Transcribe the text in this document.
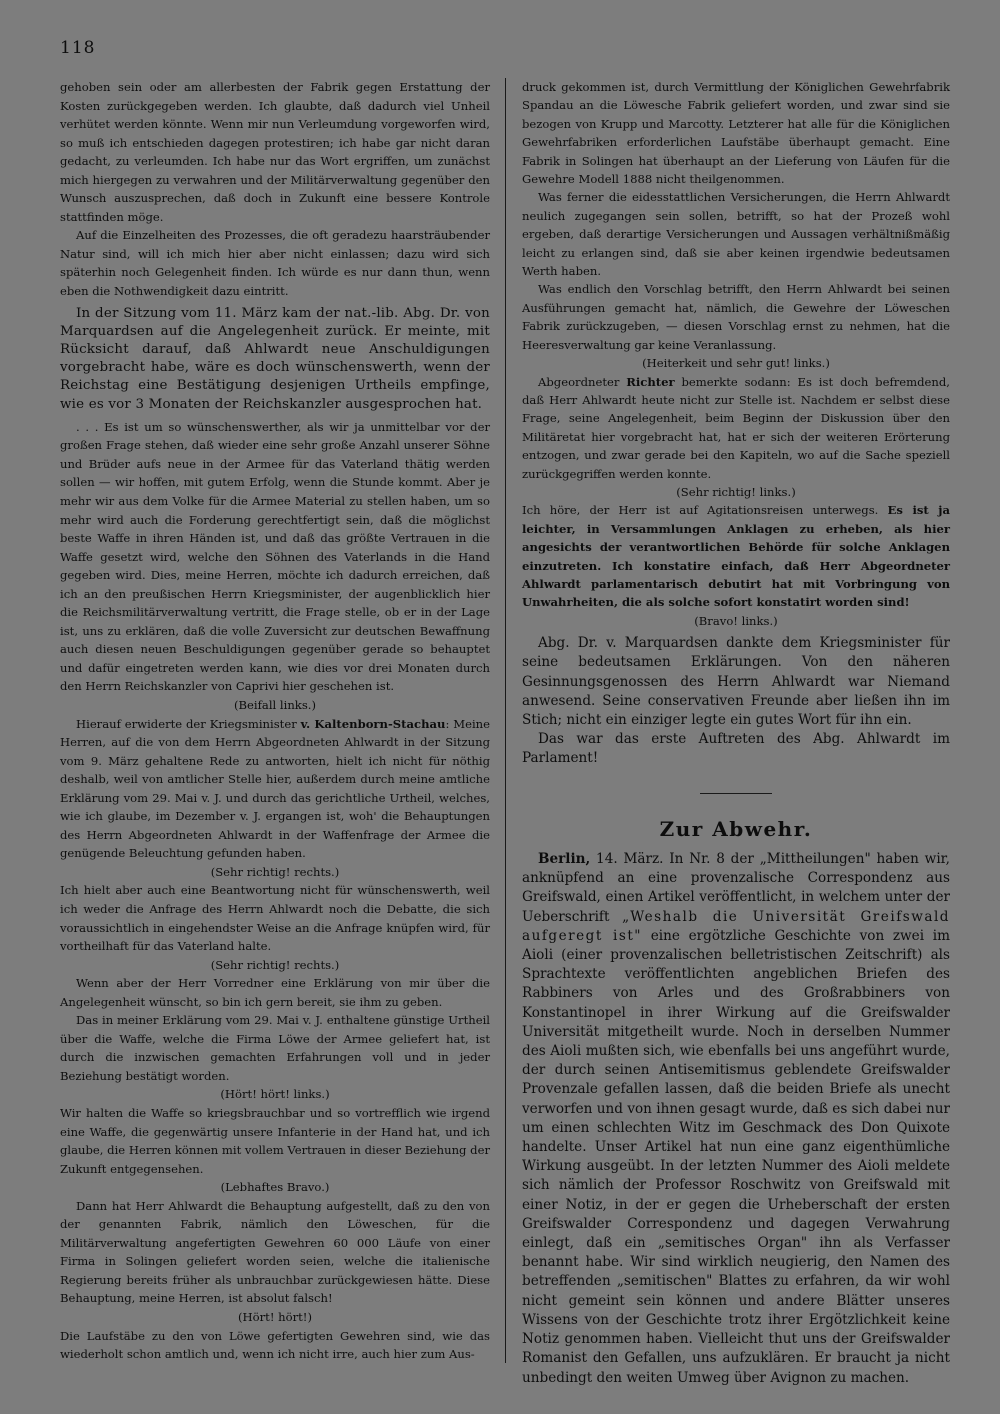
118

gehoben sein oder am allerbesten der Fabrik gegen Erstattung der Kosten zurückgegeben werden. Ich glaubte, daß dadurch viel Unheil verhütet werden könnte. Wenn mir nun Verleumdung vorgeworfen wird, so muß ich entschieden dagegen protestiren; ich habe gar nicht daran gedacht, zu verleumden. Ich habe nur das Wort ergriffen, um zunächst mich hiergegen zu verwahren und der Militärverwaltung gegenüber den Wunsch auszusprechen, daß doch in Zukunft eine bessere Kontrole stattfinden möge.

Auf die Einzelheiten des Prozesses, die oft geradezu haarsträubender Natur sind, will ich mich hier aber nicht einlassen; dazu wird sich späterhin noch Gelegenheit finden. Ich würde es nur dann thun, wenn eben die Nothwendigkeit dazu eintritt.

In der Sitzung vom 11. März kam der nat.-lib. Abg. Dr. von Marquardsen auf die Angelegenheit zurück. Er meinte, mit Rücksicht darauf, daß Ahlwardt neue Anschuldigungen vorgebracht habe, wäre es doch wünschenswerth, wenn der Reichstag eine Bestätigung desjenigen Urtheils empfinge, wie es vor 3 Monaten der Reichskanzler ausgesprochen hat.

. . . Es ist um so wünschenswerther, als wir ja unmittelbar vor der großen Frage stehen, daß wieder eine sehr große Anzahl unserer Söhne und Brüder aufs neue in der Armee für das Vaterland thätig werden sollen — wir hoffen, mit gutem Erfolg, wenn die Stunde kommt. Aber je mehr wir aus dem Volke für die Armee Material zu stellen haben, um so mehr wird auch die Forderung gerechtfertigt sein, daß die möglichst beste Waffe in ihren Händen ist, und daß das größte Vertrauen in die Waffe gesetzt wird, welche den Söhnen des Vaterlands in die Hand gegeben wird. Dies, meine Herren, möchte ich dadurch erreichen, daß ich an den preußischen Herrn Kriegsminister, der augenblicklich hier die Reichsmilitärverwaltung vertritt, die Frage stelle, ob er in der Lage ist, uns zu erklären, daß die volle Zuversicht zur deutschen Bewaffnung auch diesen neuen Beschuldigungen gegenüber gerade so behauptet und dafür eingetreten werden kann, wie dies vor drei Monaten durch den Herrn Reichskanzler von Caprivi hier geschehen ist.

(Beifall links.)

Hierauf erwiderte der Kriegsminister v. Kaltenborn-Stachau: Meine Herren, auf die von dem Herrn Abgeordneten Ahlwardt in der Sitzung vom 9. März gehaltene Rede zu antworten, hielt ich nicht für nöthig deshalb, weil von amtlicher Stelle hier, außerdem durch meine amtliche Erklärung vom 29. Mai v. J. und durch das gerichtliche Urtheil, welches, wie ich glaube, im Dezember v. J. ergangen ist, woh' die Behauptungen des Herrn Abgeordneten Ahlwardt in der Waffenfrage der Armee die genügende Beleuchtung gefunden haben.

(Sehr richtig! rechts.)

Ich hielt aber auch eine Beantwortung nicht für wünschenswerth, weil ich weder die Anfrage des Herrn Ahlwardt noch die Debatte, die sich voraussichtlich in eingehendster Weise an die Anfrage knüpfen wird, für vortheilhaft für das Vaterland halte.

(Sehr richtig! rechts.)

Wenn aber der Herr Vorredner eine Erklärung von mir über die Angelegenheit wünscht, so bin ich gern bereit, sie ihm zu geben.

Das in meiner Erklärung vom 29. Mai v. J. enthaltene günstige Urtheil über die Waffe, welche die Firma Löwe der Armee geliefert hat, ist durch die inzwischen gemachten Erfahrungen voll und in jeder Beziehung bestätigt worden.

(Hört! hört! links.)

Wir halten die Waffe so kriegsbrauchbar und so vortrefflich wie irgend eine Waffe, die gegenwärtig unsere Infanterie in der Hand hat, und ich glaube, die Herren können mit vollem Vertrauen in dieser Beziehung der Zukunft entgegensehen.

(Lebhaftes Bravo.)

Dann hat Herr Ahlwardt die Behauptung aufgestellt, daß zu den von der genannten Fabrik, nämlich den Löweschen, für die Militärverwaltung angefertigten Gewehren 60 000 Läufe von einer Firma in Solingen geliefert worden seien, welche die italienische Regierung bereits früher als unbrauchbar zurückgewiesen hätte. Diese Behauptung, meine Herren, ist absolut falsch!

(Hört! hört!)

Die Laufstäbe zu den von Löwe gefertigten Gewehren sind, wie das wiederholt schon amtlich und, wenn ich nicht irre, auch hier zum Aus-

druck gekommen ist, durch Vermittlung der Königlichen Gewehrfabrik Spandau an die Löwesche Fabrik geliefert worden, und zwar sind sie bezogen von Krupp und Marcotty. Letzterer hat alle für die Königlichen Gewehrfabriken erforderlichen Laufstäbe überhaupt gemacht. Eine Fabrik in Solingen hat überhaupt an der Lieferung von Läufen für die Gewehre Modell 1888 nicht theilgenommen.

Was ferner die eidesstattlichen Versicherungen, die Herrn Ahlwardt neulich zugegangen sein sollen, betrifft, so hat der Prozeß wohl ergeben, daß derartige Versicherungen und Aussagen verhältnißmäßig leicht zu erlangen sind, daß sie aber keinen irgendwie bedeutsamen Werth haben.

Was endlich den Vorschlag betrifft, den Herrn Ahlwardt bei seinen Ausführungen gemacht hat, nämlich, die Gewehre der Löweschen Fabrik zurückzugeben, — diesen Vorschlag ernst zu nehmen, hat die Heeresverwaltung gar keine Veranlassung.

(Heiterkeit und sehr gut! links.)

Abgeordneter Richter bemerkte sodann: Es ist doch befremdend, daß Herr Ahlwardt heute nicht zur Stelle ist. Nachdem er selbst diese Frage, seine Angelegenheit, beim Beginn der Diskussion über den Militäretat hier vorgebracht hat, hat er sich der weiteren Erörterung entzogen, und zwar gerade bei den Kapiteln, wo auf die Sache speziell zurückgegriffen werden konnte.

(Sehr richtig! links.)

Ich höre, der Herr ist auf Agitationsreisen unterwegs. Es ist ja leichter, in Versammlungen Anklagen zu erheben, als hier angesichts der verantwortlichen Behörde für solche Anklagen einzutreten. Ich konstatire einfach, daß Herr Abgeordneter Ahlwardt parlamentarisch debutirt hat mit Vorbringung von Unwahrheiten, die als solche sofort konstatirt worden sind!

(Bravo! links.)

Abg. Dr. v. Marquardsen dankte dem Kriegsminister für seine bedeutsamen Erklärungen. Von den näheren Gesinnungsgenossen des Herrn Ahlwardt war Niemand anwesend. Seine conservativen Freunde aber ließen ihn im Stich; nicht ein einziger legte ein gutes Wort für ihn ein.

Das war das erste Auftreten des Abg. Ahlwardt im Parlament!

Zur Abwehr.

Berlin, 14. März. In Nr. 8 der „Mittheilungen" haben wir, anknüpfend an eine provenzalische Correspondenz aus Greifswald, einen Artikel veröffentlicht, in welchem unter der Ueberschrift „Weshalb die Universität Greifswald aufgeregt ist" eine ergötzliche Geschichte von zwei im Aioli (einer provenzalischen belletristischen Zeitschrift) als Sprachtexte veröffentlichten angeblichen Briefen des Rabbiners von Arles und des Großrabbiners von Konstantinopel in ihrer Wirkung auf die Greifswalder Universität mitgetheilt wurde. Noch in derselben Nummer des Aioli mußten sich, wie ebenfalls bei uns angeführt wurde, der durch seinen Antisemitismus geblendete Greifswalder Provenzale gefallen lassen, daß die beiden Briefe als unecht verworfen und von ihnen gesagt wurde, daß es sich dabei nur um einen schlechten Witz im Geschmack des Don Quixote handelte. Unser Artikel hat nun eine ganz eigenthümliche Wirkung ausgeübt. In der letzten Nummer des Aioli meldete sich nämlich der Professor Roschwitz von Greifswald mit einer Notiz, in der er gegen die Urheberschaft der ersten Greifswalder Correspondenz und dagegen Verwahrung einlegt, daß ein „semitisches Organ" ihn als Verfasser benannt habe. Wir sind wirklich neugierig, den Namen des betreffenden „semitischen" Blattes zu erfahren, da wir wohl nicht gemeint sein können und andere Blätter unseres Wissens von der Geschichte trotz ihrer Ergötzlichkeit keine Notiz genommen haben. Vielleicht thut uns der Greifswalder Romanist den Gefallen, uns aufzuklären. Er braucht ja nicht unbedingt den weiten Umweg über Avignon zu machen.
